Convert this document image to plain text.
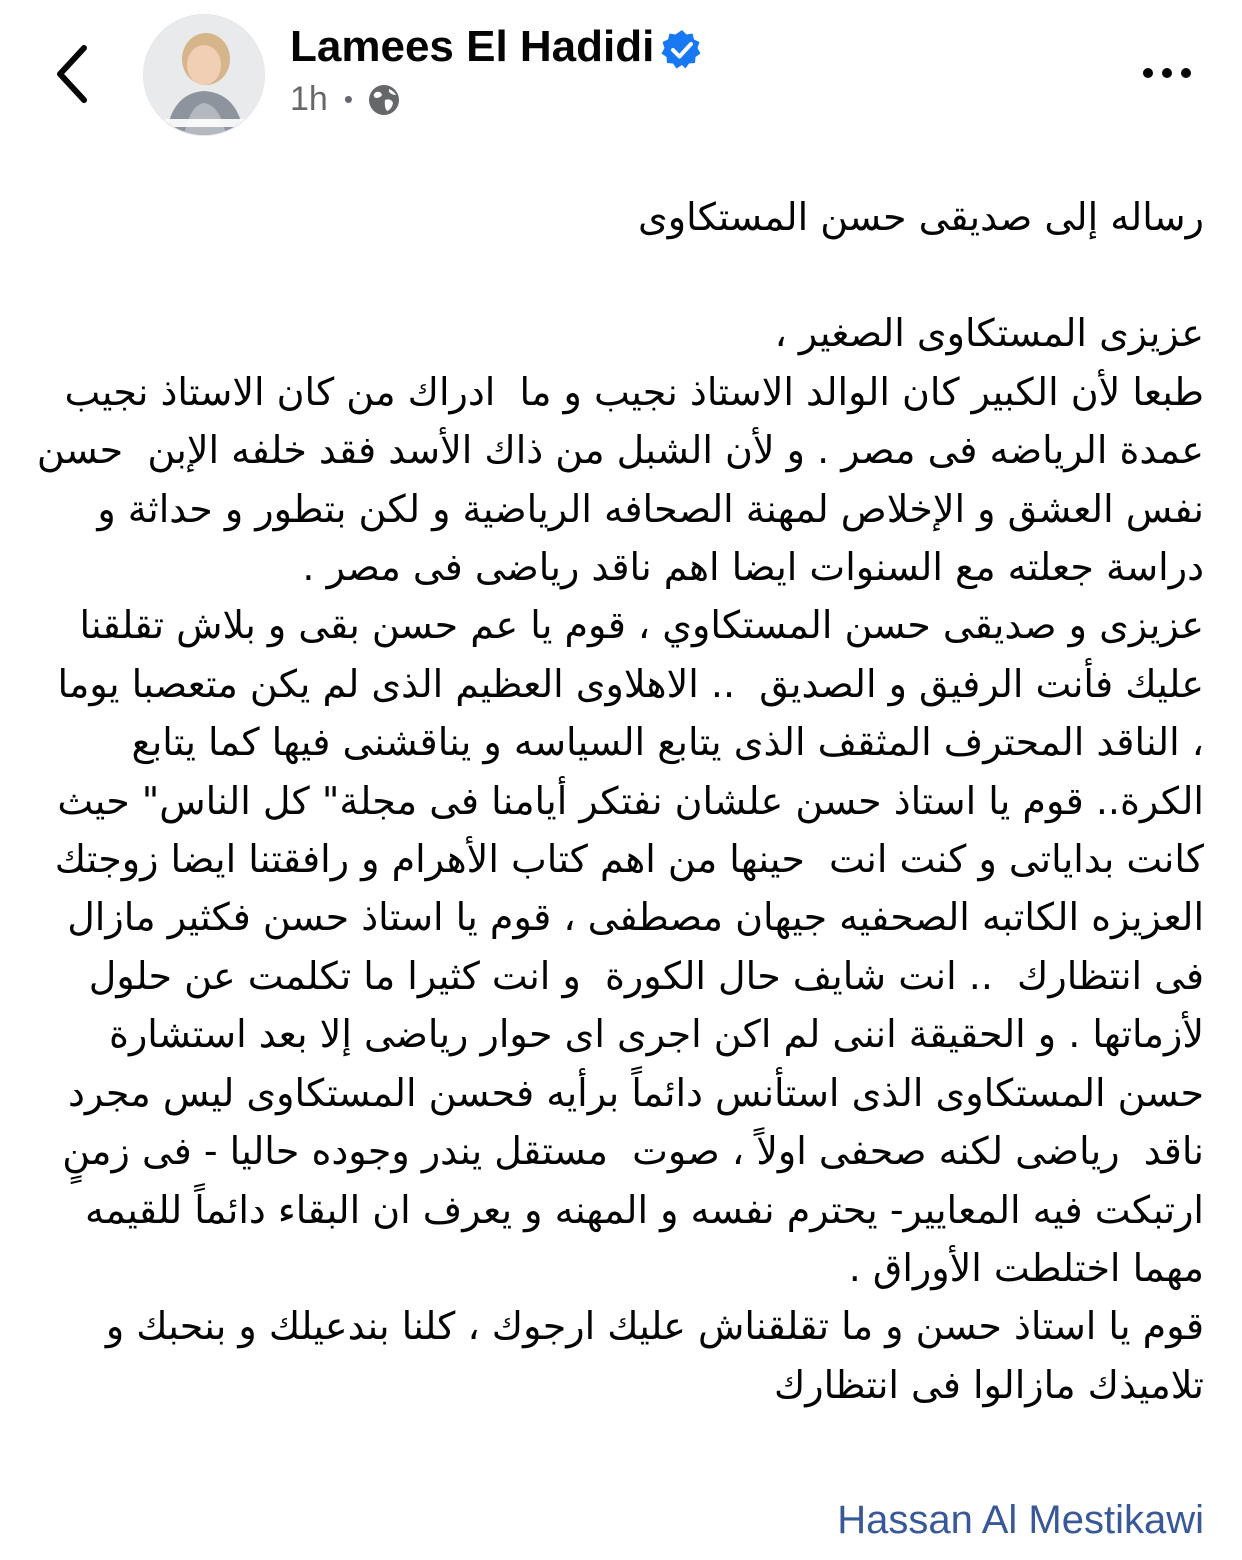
Lamees El Hadidi
1h •

رساله إلى صديقى حسن المستكاوى

عزيزى المستكاوى الصغير ،

طبعا لأن الكبير كان الوالد الاستاذ نجيب و ما  ادراك من كان الاستاذ نجيب عمدة الرياضه فى مصر . و لأن الشبل من ذاك الأسد فقد خلفه الإبن  حسن نفس العشق و الإخلاص لمهنة الصحافه الرياضية و لكن بتطور و حداثة و دراسة جعلته مع السنوات ايضا اهم ناقد رياضى فى مصر .

عزيزى و صديقى حسن المستكاوي ، قوم يا عم حسن بقى و بلاش تقلقنا عليك فأنت الرفيق و الصديق  .. الاهلاوى العظيم الذى لم يكن متعصبا يوما ، الناقد المحترف المثقف الذى يتابع السياسه و يناقشنى فيها كما يتابع الكرة.. قوم يا استاذ حسن علشان نفتكر أيامنا فى مجلة" كل الناس" حيث كانت بداياتى و كنت انت  حينها من اهم كتاب الأهرام و رافقتنا ايضا زوجتك العزيزه الكاتبه الصحفيه جيهان مصطفى ، قوم يا استاذ حسن فكثير مازال فى انتظارك  .. انت شايف حال الكورة  و انت كثيرا ما تكلمت عن حلول لأزماتها . و الحقيقة اننى لم اكن اجرى اى حوار رياضى إلا بعد استشارة حسن المستكاوى الذى استأنس دائماً برأيه فحسن المستكاوى ليس مجرد ناقد  رياضى لكنه صحفى اولاً ، صوت  مستقل يندر وجوده حاليا - فى زمنٍ ارتبكت فيه المعايير- يحترم نفسه و المهنه و يعرف ان البقاء دائماً للقيمه مهما اختلطت الأوراق .

قوم يا استاذ حسن و ما تقلقناش عليك ارجوك ، كلنا بندعيلك و بنحبك و تلاميذك مازالوا فى انتظارك

Hassan Al Mestikawi
